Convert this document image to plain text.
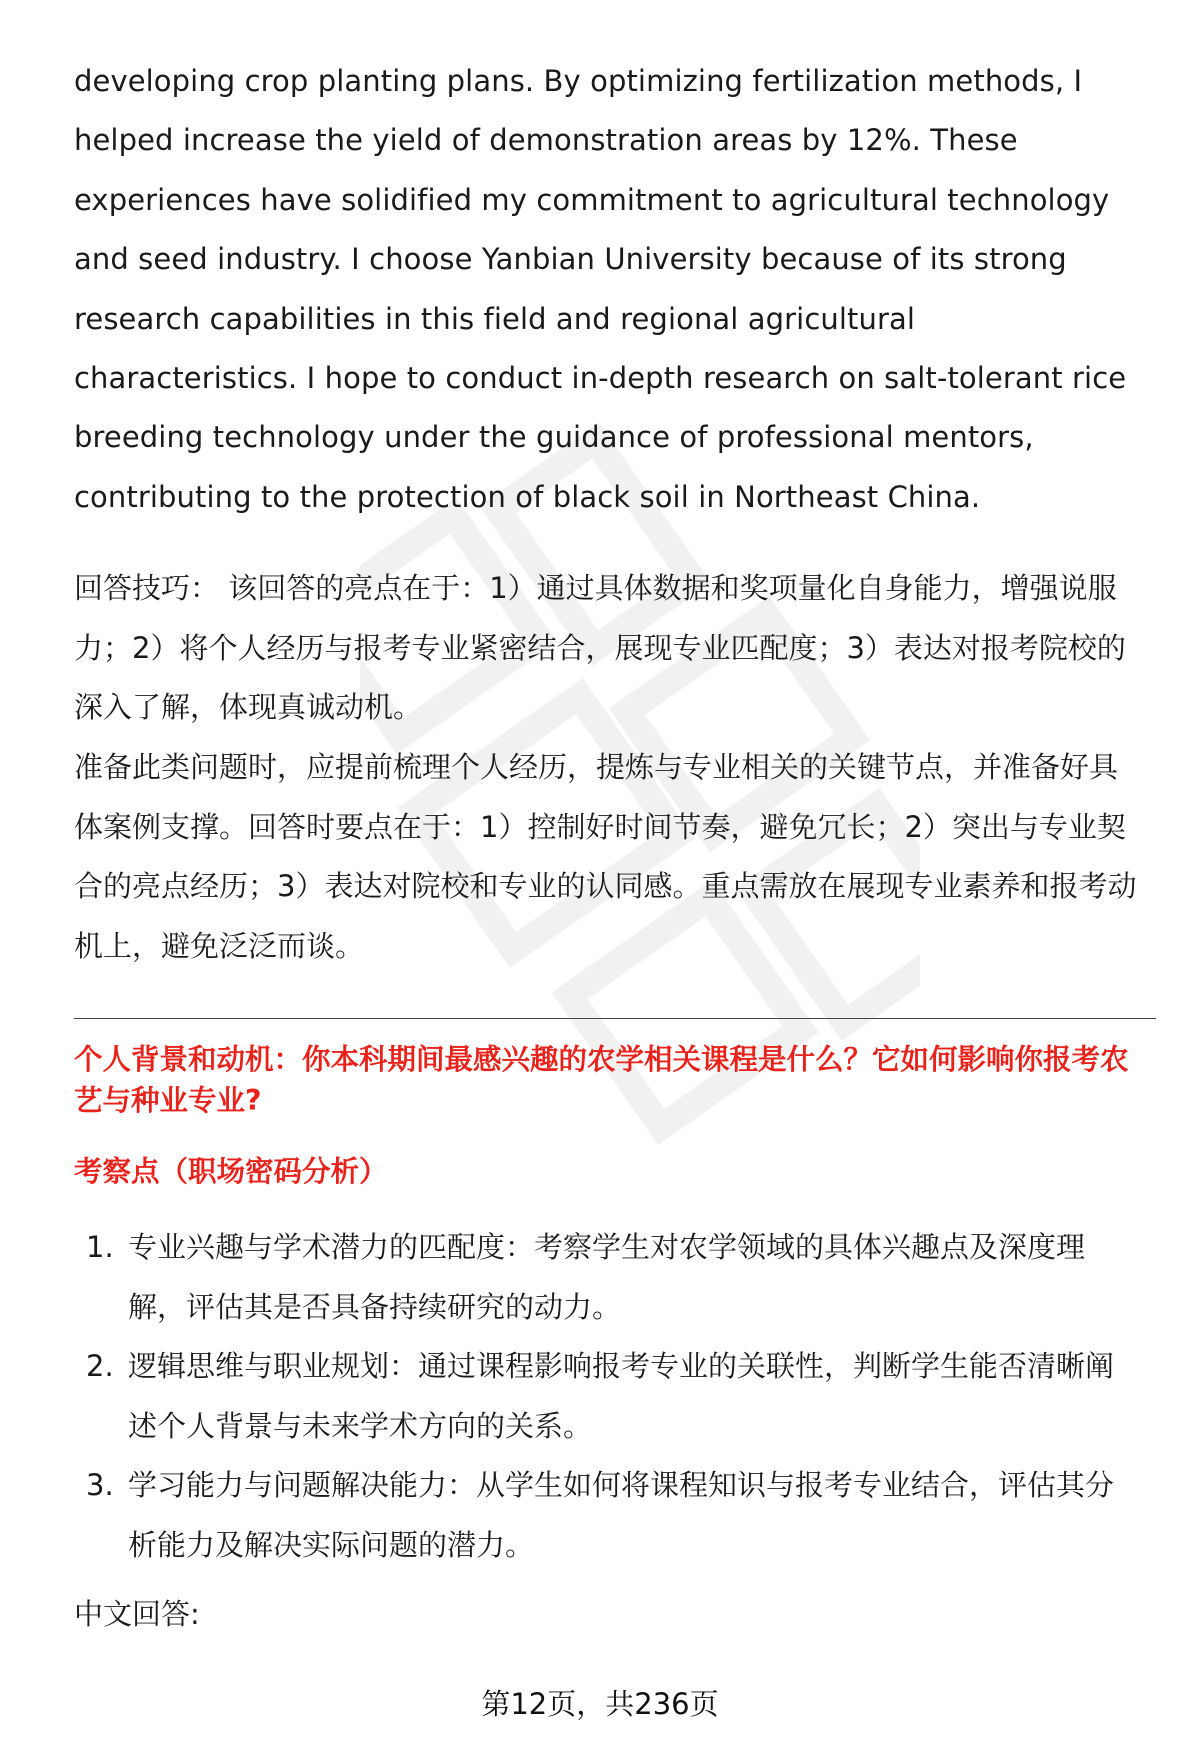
developing crop planting plans. By optimizing fertilization methods, I helped increase the yield of demonstration areas by 12%. These experiences have solidified my commitment to agricultural technology and seed industry. I choose Yanbian University because of its strong research capabilities in this field and regional agricultural characteristics. I hope to conduct in-depth research on salt-tolerant rice breeding technology under the guidance of professional mentors, contributing to the protection of black soil in Northeast China.

回答技巧： 该回答的亮点在于：1）通过具体数据和奖项量化自身能力，增强说服力；2）将个人经历与报考专业紧密结合，展现专业匹配度；3）表达对报考院校的深入了解，体现真诚动机。

准备此类问题时，应提前梳理个人经历，提炼与专业相关的关键节点，并准备好具体案例支撑。回答时要点在于：1）控制好时间节奏，避免冗长；2）突出与专业契合的亮点经历；3）表达对院校和专业的认同感。重点需放在展现专业素养和报考动机上，避免泛泛而谈。

个人背景和动机：你本科期间最感兴趣的农学相关课程是什么？它如何影响你报考农艺与种业专业?

考察点（职场密码分析）

1. 专业兴趣与学术潜力的匹配度：考察学生对农学领域的具体兴趣点及深度理解，评估其是否具备持续研究的动力。
2. 逻辑思维与职业规划：通过课程影响报考专业的关联性，判断学生能否清晰阐述个人背景与未来学术方向的关系。
3. 学习能力与问题解决能力：从学生如何将课程知识与报考专业结合，评估其分析能力及解决实际问题的潜力。

中文回答:

第12页，共236页
